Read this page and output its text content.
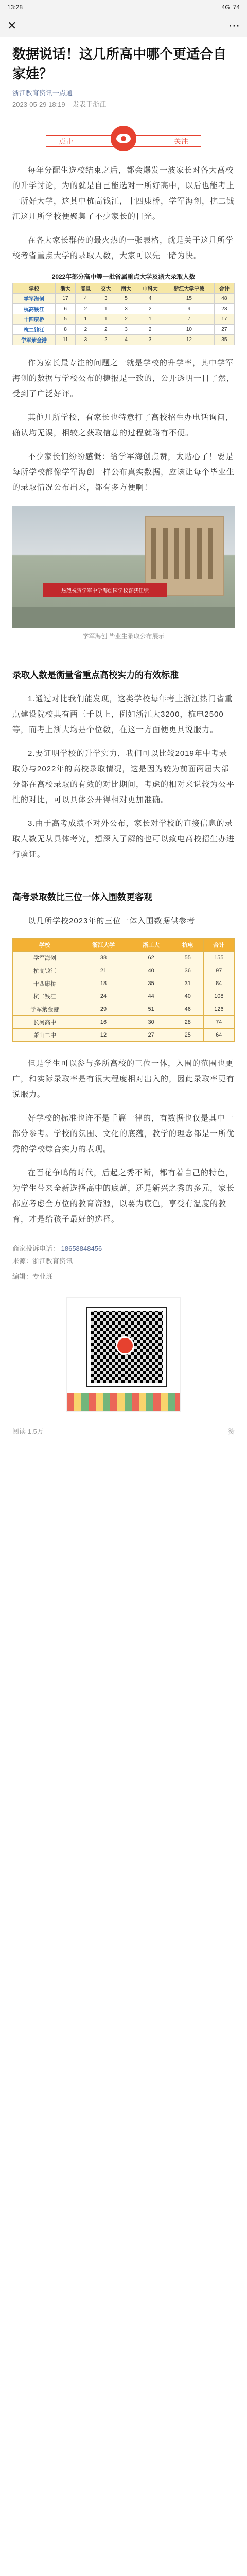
13:28	4G 74
✕	⋯
数据说话！这几所高中哪个更适合自家娃？
浙江教育资讯一点通
2023-05-29 18:19 发表于浙江
点击	关注

每年分配生选校结束之后，都会爆发一波家长对各大高校的升学讨论，为的就是自己能选对一所好高中，以后也能考上一所好大学，这其中杭高钱江，十四康桥，学军海创，杭二钱江这几所学校便聚集了不少家长的目光。

在各大家长群传的最火热的一张表格，就是关于这几所学校考省重点大学的录取人数，大家可以先一睹为快。

2022年部分高中等一批省属重点大学及浙大录取人数
学校	浙大	复旦	交大	南大	中科大	浙江大学宁波	合计
学军海创	17	4	3	5	4	15	48
杭高钱江	6	2	1	3	2	9	23
十四康桥	5	1	1	2	1	7	17
杭二钱江	8	2	2	3	2	10	27
学军紫金港	11	3	2	4	3	12	35

作为家长最专注的问题之一就是学校的升学率，其中学军海创的数据与学校公布的捷报是一致的，公开透明一目了然，受到了广泛好评。

其他几所学校，有家长也特意打了高校招生办电话询问，确认均无误，相较之获取信息的过程就略有不便。

不少家长们纷纷感慨：给学军海创点赞，太贴心了！要是每所学校都像学军海创一样公布真实数据，应该让每个毕业生的录取情况公布出来，都有多方便啊！

热烈祝贺学军中学海创园学校喜获佳绩
学军海创 毕业生录取公布展示
录取人数是衡量省重点高校实力的有效标准

1.通过对比我们能发现，这类学校每年考上浙江热门省重点建设院校其有两三千以上，例如浙江大3200，杭电2500等，而考上浙大均是个位数，在这一方面便更具说服力。

2.要证明学校的升学实力，我们可以比较2019年中考录取分与2022年的高校录取情况，这是因为较为前面两届大部分都在高校录取的有效的对比期间，考虑的相对来说较为公平性的对比，可以具体公开得相对更加准确。

3.由于高考成绩不对外公布，家长对学校的直接信息的录取人数无从具体考究，想深入了解的也可以致电高校招生办进行验证。

高考录取数比三位一体入围数更客观

以几所学校2023年的三位一体入围数据供参考

学校	浙江大学	浙工大	杭电	合计
学军海创	38	62	55	155
杭高钱江	21	40	36	97
十四康桥	18	35	31	84
杭二钱江	24	44	40	108
学军紫金港	29	51	46	126
长河高中	16	30	28	74
萧山二中	12	27	25	64

但是学生可以参与多所高校的三位一体，入围的范围也更广，和实际录取率是有很大程度相对出入的，因此录取率更有说服力。

好学校的标准也许不是千篇一律的，有数据也仅是其中一部分参考。学校的氛围、文化的底蕴，教学的理念都是一所优秀的学校综合实力的表现。

在百花争鸣的时代，后起之秀不断，都有着自己的特色，为学生带来全新选择高中的底蕴，还是新兴之秀的多元，家长都应考虑全方位的教育资源，以要为底色，享受有温度的教育，才是给孩子最好的选择。

商家投诉电话： 18658848456
来源：浙江教育资讯
编辑：专业班
阅读 1.5万	赞
